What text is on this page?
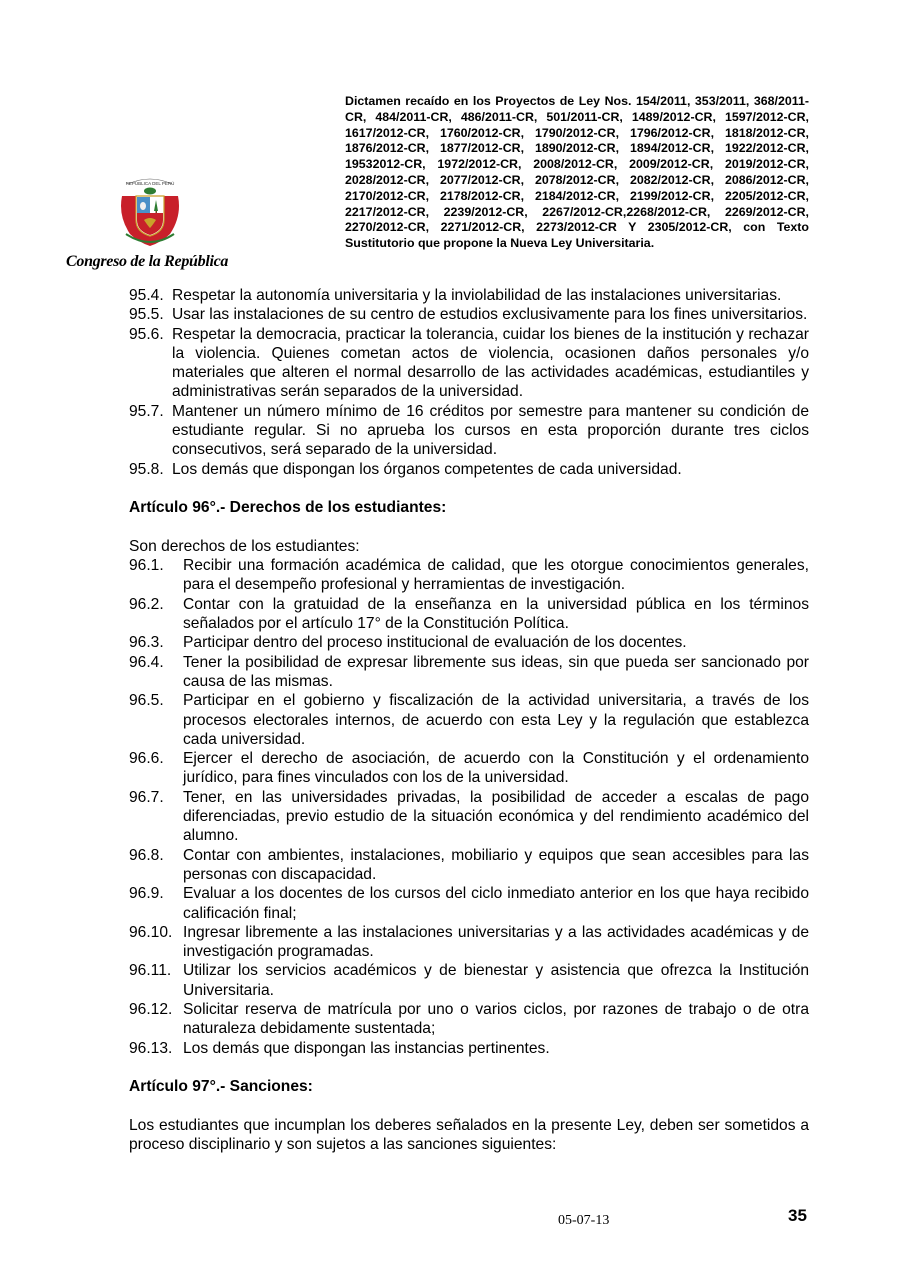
Dictamen recaído en los Proyectos de Ley Nos. 154/2011, 353/2011, 368/2011-CR, 484/2011-CR, 486/2011-CR, 501/2011-CR, 1489/2012-CR, 1597/2012-CR, 1617/2012-CR, 1760/2012-CR, 1790/2012-CR, 1796/2012-CR, 1818/2012-CR, 1876/2012-CR, 1877/2012-CR, 1890/2012-CR, 1894/2012-CR, 1922/2012-CR, 19532012-CR, 1972/2012-CR, 2008/2012-CR, 2009/2012-CR, 2019/2012-CR, 2028/2012-CR, 2077/2012-CR, 2078/2012-CR, 2082/2012-CR, 2086/2012-CR, 2170/2012-CR, 2178/2012-CR, 2184/2012-CR, 2199/2012-CR, 2205/2012-CR, 2217/2012-CR, 2239/2012-CR, 2267/2012-CR,2268/2012-CR, 2269/2012-CR, 2270/2012-CR, 2271/2012-CR, 2273/2012-CR Y 2305/2012-CR, con Texto Sustitutorio que propone la Nueva Ley Universitaria.
REPÚBLICA DEL PERÚ
Congreso de la República
95.4. Respetar la autonomía universitaria y la inviolabilidad de las instalaciones universitarias.
95.5. Usar las instalaciones de su centro de estudios exclusivamente para los fines universitarios.
95.6. Respetar la democracia, practicar la tolerancia, cuidar los bienes de la institución y rechazar la violencia. Quienes cometan actos de violencia, ocasionen daños personales y/o materiales que alteren el normal desarrollo de las actividades académicas, estudiantiles y administrativas serán separados de la universidad.
95.7. Mantener un número mínimo de 16 créditos por semestre para mantener su condición de estudiante regular. Si no aprueba los cursos en esta proporción durante tres ciclos consecutivos, será separado de la universidad.
95.8. Los demás que dispongan los órganos competentes de cada universidad.
Artículo 96°.- Derechos de los estudiantes:
Son derechos de los estudiantes:
96.1.	Recibir una formación académica de calidad, que les otorgue conocimientos generales, para el desempeño profesional y herramientas de investigación.
96.2.	Contar con la gratuidad de la enseñanza en la universidad pública en los términos señalados por el artículo 17° de la Constitución Política.
96.3.	Participar dentro del proceso institucional de evaluación de los docentes.
96.4.	Tener la posibilidad de expresar libremente sus ideas, sin que pueda ser sancionado por causa de las mismas.
96.5.	Participar en el gobierno y fiscalización de la actividad universitaria, a través de los procesos electorales internos, de acuerdo con esta Ley y la regulación que establezca cada universidad.
96.6.	Ejercer el derecho de asociación, de acuerdo con la Constitución y el ordenamiento jurídico, para fines vinculados con los de la universidad.
96.7.	Tener, en las universidades privadas, la posibilidad de acceder a escalas de pago diferenciadas, previo estudio de la situación económica y del rendimiento académico del alumno.
96.8.	Contar con ambientes, instalaciones, mobiliario y equipos que sean accesibles para las personas con discapacidad.
96.9.	Evaluar a los docentes de los cursos del ciclo inmediato anterior en los que haya recibido calificación final;
96.10. Ingresar libremente a las instalaciones universitarias y a las actividades académicas y de investigación programadas.
96.11. Utilizar los servicios académicos y de bienestar y asistencia que ofrezca la Institución Universitaria.
96.12. Solicitar reserva de matrícula por uno o varios ciclos, por razones de trabajo o de otra naturaleza debidamente sustentada;
96.13. Los demás que dispongan las instancias pertinentes.
Artículo 97°.- Sanciones:
Los estudiantes que incumplan los deberes señalados en la presente Ley, deben ser sometidos a proceso disciplinario y son sujetos a las sanciones siguientes:
05-07-13	35
